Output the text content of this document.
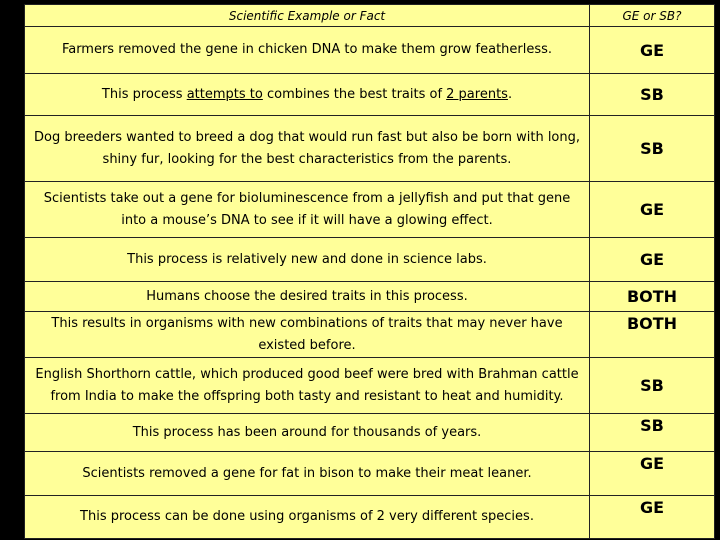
Scientific Example or Fact	GE or SB?
Farmers removed the gene in chicken DNA to make them grow featherless.	GE
This process attempts to combines the best traits of 2 parents.	SB
Dog breeders wanted to breed a dog that would run fast but also be born with long, shiny fur, looking for the best characteristics from the parents.	SB
Scientists take out a gene for bioluminescence from a jellyfish and put that gene into a mouse’s DNA to see if it will have a glowing effect.	GE
This process is relatively new and done in science labs.	GE
Humans choose the desired traits in this process.	BOTH
This results in organisms with new combinations of traits that may never have existed before.	BOTH
English Shorthorn cattle, which produced good beef were bred with Brahman cattle from India to make the offspring both tasty and resistant to heat and humidity.	SB
This process has been around for thousands of years.	SB
Scientists removed a gene for fat in bison to make their meat leaner.	GE
This process can be done using organisms of 2 very different species.	GE
